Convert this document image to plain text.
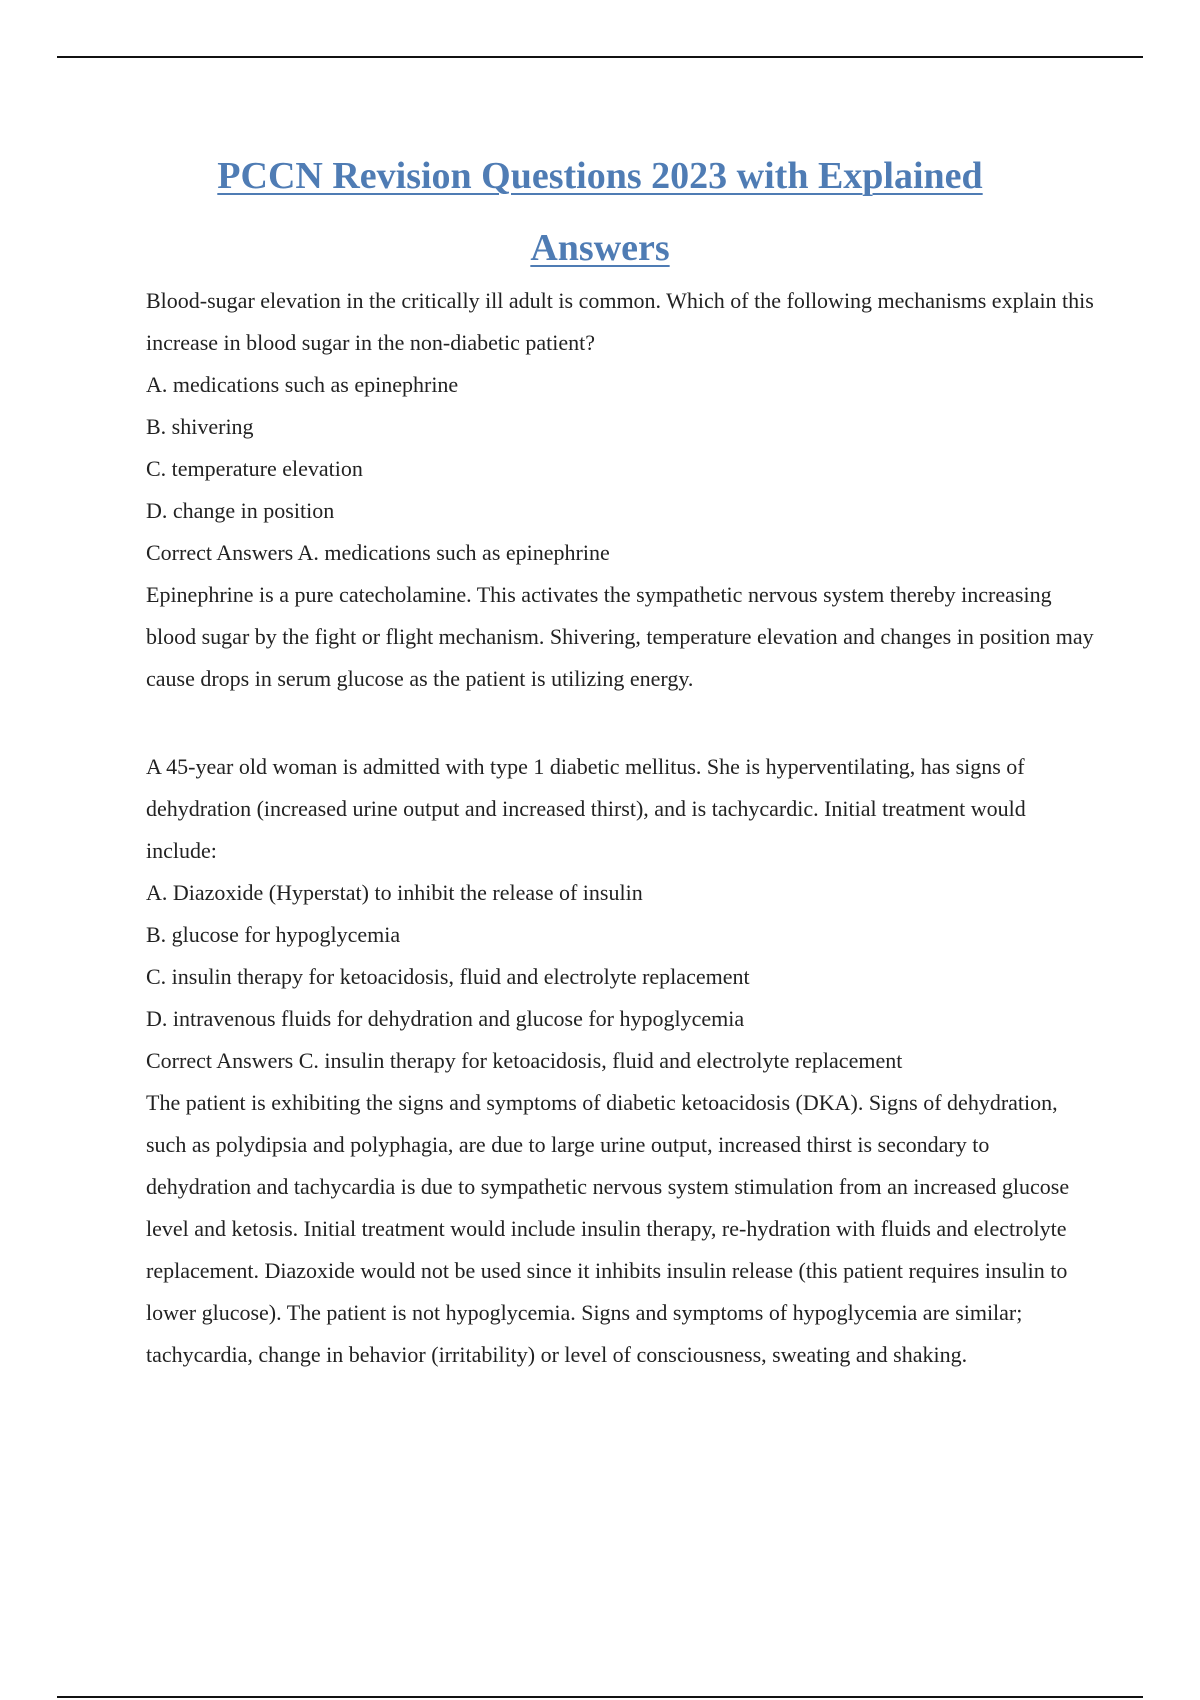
PCCN Revision Questions 2023 with Explained
Answers

Blood-sugar elevation in the critically ill adult is common. Which of the following mechanisms explain this increase in blood sugar in the non-diabetic patient?

A. medications such as epinephrine

B. shivering

C. temperature elevation

D. change in position

Correct Answers A. medications such as epinephrine

Epinephrine is a pure catecholamine. This activates the sympathetic nervous system thereby increasing blood sugar by the fight or flight mechanism. Shivering, temperature elevation and changes in position may cause drops in serum glucose as the patient is utilizing energy.

A 45-year old woman is admitted with type 1 diabetic mellitus. She is hyperventilating, has signs of dehydration (increased urine output and increased thirst), and is tachycardic. Initial treatment would include:

A. Diazoxide (Hyperstat) to inhibit the release of insulin

B. glucose for hypoglycemia

C. insulin therapy for ketoacidosis, fluid and electrolyte replacement

D. intravenous fluids for dehydration and glucose for hypoglycemia

Correct Answers C. insulin therapy for ketoacidosis, fluid and electrolyte replacement

The patient is exhibiting the signs and symptoms of diabetic ketoacidosis (DKA). Signs of dehydration, such as polydipsia and polyphagia, are due to large urine output, increased thirst is secondary to dehydration and tachycardia is due to sympathetic nervous system stimulation from an increased glucose level and ketosis. Initial treatment would include insulin therapy, re-hydration with fluids and electrolyte replacement. Diazoxide would not be used since it inhibits insulin release (this patient requires insulin to lower glucose). The patient is not hypoglycemia. Signs and symptoms of hypoglycemia are similar; tachycardia, change in behavior (irritability) or level of consciousness, sweating and shaking.
